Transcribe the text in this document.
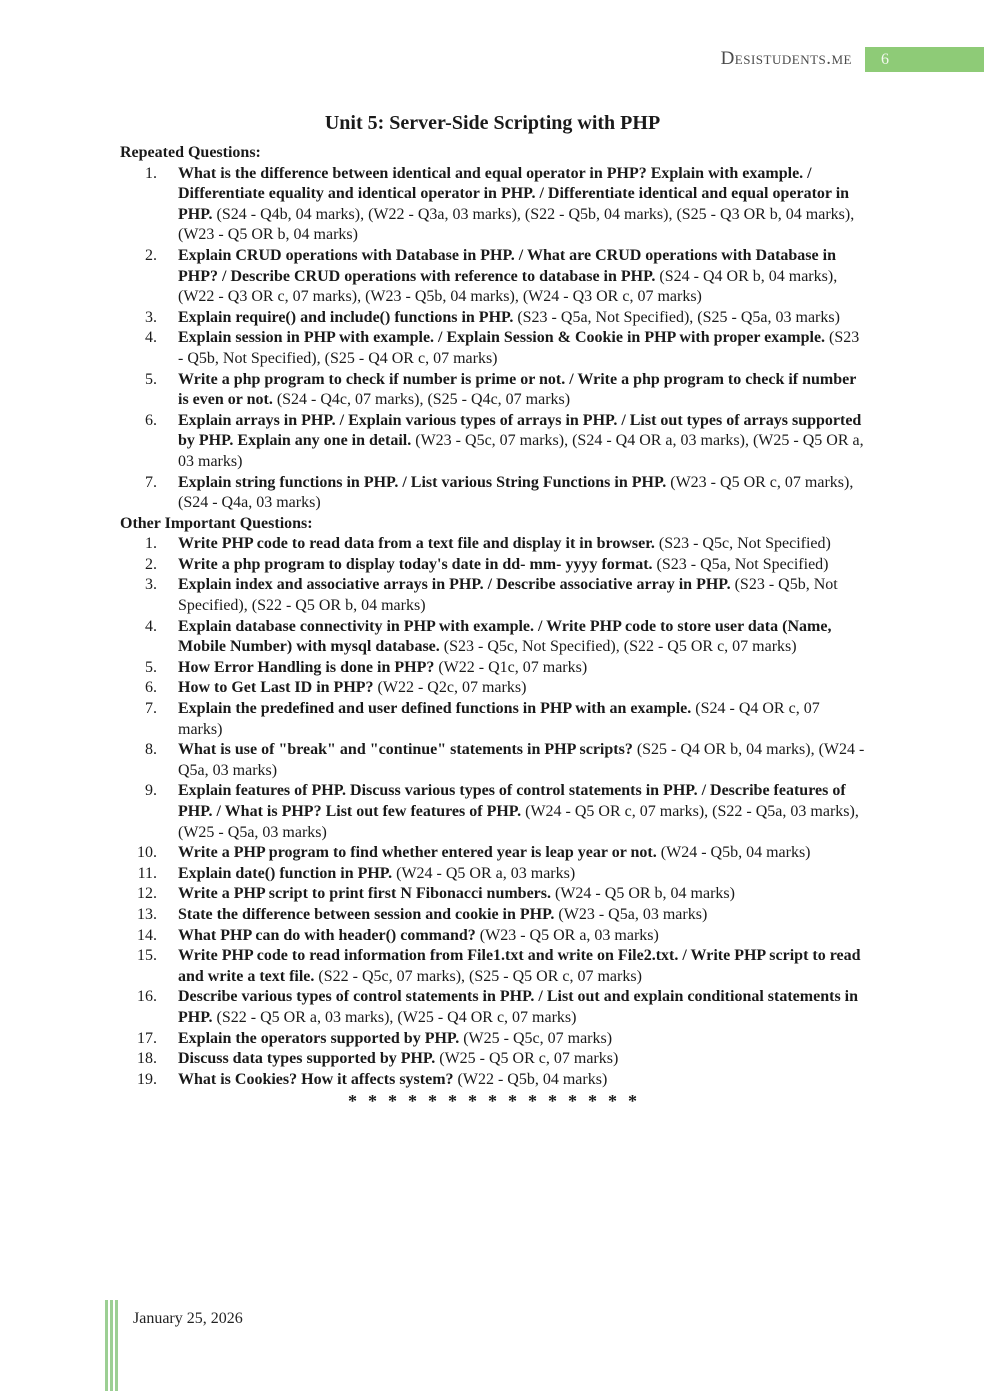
Desistudents.me	6
Unit 5: Server-Side Scripting with PHP
Repeated Questions:
What is the difference between identical and equal operator in PHP? Explain with example. / Differentiate equality and identical operator in PHP. / Differentiate identical and equal operator in PHP. (S24 - Q4b, 04 marks), (W22 - Q3a, 03 marks), (S22 - Q5b, 04 marks), (S25 - Q3 OR b, 04 marks), (W23 - Q5 OR b, 04 marks)
Explain CRUD operations with Database in PHP. / What are CRUD operations with Database in PHP? / Describe CRUD operations with reference to database in PHP. (S24 - Q4 OR b, 04 marks), (W22 - Q3 OR c, 07 marks), (W23 - Q5b, 04 marks), (W24 - Q3 OR c, 07 marks)
Explain require() and include() functions in PHP. (S23 - Q5a, Not Specified), (S25 - Q5a, 03 marks)
Explain session in PHP with example. / Explain Session & Cookie in PHP with proper example. (S23 - Q5b, Not Specified), (S25 - Q4 OR c, 07 marks)
Write a php program to check if number is prime or not. / Write a php program to check if number is even or not. (S24 - Q4c, 07 marks), (S25 - Q4c, 07 marks)
Explain arrays in PHP. / Explain various types of arrays in PHP. / List out types of arrays supported by PHP. Explain any one in detail. (W23 - Q5c, 07 marks), (S24 - Q4 OR a, 03 marks), (W25 - Q5 OR a, 03 marks)
Explain string functions in PHP. / List various String Functions in PHP. (W23 - Q5 OR c, 07 marks), (S24 - Q4a, 03 marks)
Other Important Questions:
Write PHP code to read data from a text file and display it in browser. (S23 - Q5c, Not Specified)
Write a php program to display today's date in dd- mm- yyyy format. (S23 - Q5a, Not Specified)
Explain index and associative arrays in PHP. / Describe associative array in PHP. (S23 - Q5b, Not Specified), (S22 - Q5 OR b, 04 marks)
Explain database connectivity in PHP with example. / Write PHP code to store user data (Name, Mobile Number) with mysql database. (S23 - Q5c, Not Specified), (S22 - Q5 OR c, 07 marks)
How Error Handling is done in PHP? (W22 - Q1c, 07 marks)
How to Get Last ID in PHP? (W22 - Q2c, 07 marks)
Explain the predefined and user defined functions in PHP with an example. (S24 - Q4 OR c, 07 marks)
What is use of "break" and "continue" statements in PHP scripts? (S25 - Q4 OR b, 04 marks), (W24 - Q5a, 03 marks)
Explain features of PHP. Discuss various types of control statements in PHP. / Describe features of PHP. / What is PHP? List out few features of PHP. (W24 - Q5 OR c, 07 marks), (S22 - Q5a, 03 marks), (W25 - Q5a, 03 marks)
Write a PHP program to find whether entered year is leap year or not. (W24 - Q5b, 04 marks)
Explain date() function in PHP. (W24 - Q5 OR a, 03 marks)
Write a PHP script to print first N Fibonacci numbers. (W24 - Q5 OR b, 04 marks)
State the difference between session and cookie in PHP. (W23 - Q5a, 03 marks)
What PHP can do with header() command? (W23 - Q5 OR a, 03 marks)
Write PHP code to read information from File1.txt and write on File2.txt. / Write PHP script to read and write a text file. (S22 - Q5c, 07 marks), (S25 - Q5 OR c, 07 marks)
Describe various types of control statements in PHP. / List out and explain conditional statements in PHP. (S22 - Q5 OR a, 03 marks), (W25 - Q4 OR c, 07 marks)
Explain the operators supported by PHP. (W25 - Q5c, 07 marks)
Discuss data types supported by PHP. (W25 - Q5 OR c, 07 marks)
What is Cookies? How it affects system? (W22 - Q5b, 04 marks)
***************
January 25, 2026
